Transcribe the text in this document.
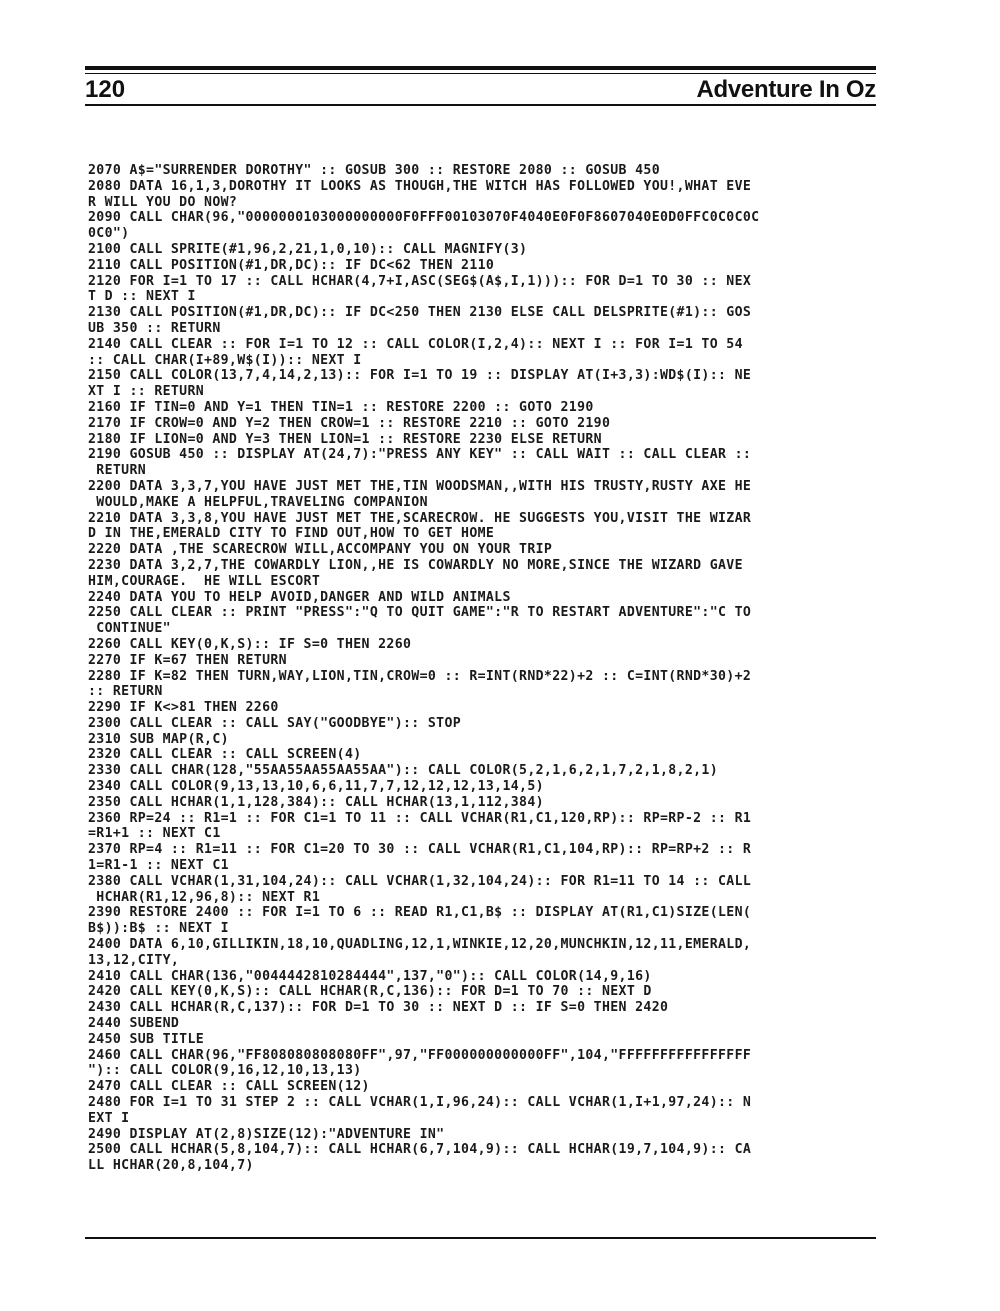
120	Adventure In Oz
2070 A$="SURRENDER DOROTHY" :: GOSUB 300 :: RESTORE 2080 :: GOSUB 450
2080 DATA 16,1,3,DOROTHY IT LOOKS AS THOUGH,THE WITCH HAS FOLLOWED YOU!,WHAT EVE
R WILL YOU DO NOW?
2090 CALL CHAR(96,"0000000103000000000F0FFF00103070F4040E0F0F8607040E0D0FFC0C0C0C
0C0")
2100 CALL SPRITE(#1,96,2,21,1,0,10):: CALL MAGNIFY(3)
2110 CALL POSITION(#1,DR,DC):: IF DC<62 THEN 2110
2120 FOR I=1 TO 17 :: CALL HCHAR(4,7+I,ASC(SEG$(A$,I,1))):: FOR D=1 TO 30 :: NEX
T D :: NEXT I
2130 CALL POSITION(#1,DR,DC):: IF DC<250 THEN 2130 ELSE CALL DELSPRITE(#1):: GOS
UB 350 :: RETURN
2140 CALL CLEAR :: FOR I=1 TO 12 :: CALL COLOR(I,2,4):: NEXT I :: FOR I=1 TO 54
:: CALL CHAR(I+89,W$(I)):: NEXT I
2150 CALL COLOR(13,7,4,14,2,13):: FOR I=1 TO 19 :: DISPLAY AT(I+3,3):WD$(I):: NE
XT I :: RETURN
2160 IF TIN=0 AND Y=1 THEN TIN=1 :: RESTORE 2200 :: GOTO 2190
2170 IF CROW=0 AND Y=2 THEN CROW=1 :: RESTORE 2210 :: GOTO 2190
2180 IF LION=0 AND Y=3 THEN LION=1 :: RESTORE 2230 ELSE RETURN
2190 GOSUB 450 :: DISPLAY AT(24,7):"PRESS ANY KEY" :: CALL WAIT :: CALL CLEAR ::
RETURN
2200 DATA 3,3,7,YOU HAVE JUST MET THE,TIN WOODSMAN,,WITH HIS TRUSTY,RUSTY AXE HE
WOULD,MAKE A HELPFUL,TRAVELING COMPANION
2210 DATA 3,3,8,YOU HAVE JUST MET THE,SCARECROW. HE SUGGESTS YOU,VISIT THE WIZAR
D IN THE,EMERALD CITY TO FIND OUT,HOW TO GET HOME
2220 DATA ,THE SCARECROW WILL,ACCOMPANY YOU ON YOUR TRIP
2230 DATA 3,2,7,THE COWARDLY LION,,HE IS COWARDLY NO MORE,SINCE THE WIZARD GAVE
HIM,COURAGE.  HE WILL ESCORT
2240 DATA YOU TO HELP AVOID,DANGER AND WILD ANIMALS
2250 CALL CLEAR :: PRINT "PRESS":"Q TO QUIT GAME":"R TO RESTART ADVENTURE":"C TO
CONTINUE"
2260 CALL KEY(0,K,S):: IF S=0 THEN 2260
2270 IF K=67 THEN RETURN
2280 IF K=82 THEN TURN,WAY,LION,TIN,CROW=0 :: R=INT(RND*22)+2 :: C=INT(RND*30)+2
:: RETURN
2290 IF K<>81 THEN 2260
2300 CALL CLEAR :: CALL SAY("GOODBYE"):: STOP
2310 SUB MAP(R,C)
2320 CALL CLEAR :: CALL SCREEN(4)
2330 CALL CHAR(128,"55AA55AA55AA55AA"):: CALL COLOR(5,2,1,6,2,1,7,2,1,8,2,1)
2340 CALL COLOR(9,13,13,10,6,6,11,7,7,12,12,12,13,14,5)
2350 CALL HCHAR(1,1,128,384):: CALL HCHAR(13,1,112,384)
2360 RP=24 :: R1=1 :: FOR C1=1 TO 11 :: CALL VCHAR(R1,C1,120,RP):: RP=RP-2 :: R1
=R1+1 :: NEXT C1
2370 RP=4 :: R1=11 :: FOR C1=20 TO 30 :: CALL VCHAR(R1,C1,104,RP):: RP=RP+2 :: R
1=R1-1 :: NEXT C1
2380 CALL VCHAR(1,31,104,24):: CALL VCHAR(1,32,104,24):: FOR R1=11 TO 14 :: CALL
HCHAR(R1,12,96,8):: NEXT R1
2390 RESTORE 2400 :: FOR I=1 TO 6 :: READ R1,C1,B$ :: DISPLAY AT(R1,C1)SIZE(LEN(
B$)):B$ :: NEXT I
2400 DATA 6,10,GILLIKIN,18,10,QUADLING,12,1,WINKIE,12,20,MUNCHKIN,12,11,EMERALD,
13,12,CITY,
2410 CALL CHAR(136,"0044442810284444",137,"0"):: CALL COLOR(14,9,16)
2420 CALL KEY(0,K,S):: CALL HCHAR(R,C,136):: FOR D=1 TO 70 :: NEXT D
2430 CALL HCHAR(R,C,137):: FOR D=1 TO 30 :: NEXT D :: IF S=0 THEN 2420
2440 SUBEND
2450 SUB TITLE
2460 CALL CHAR(96,"FF808080808080FF",97,"FF000000000000FF",104,"FFFFFFFFFFFFFFFF
"):: CALL COLOR(9,16,12,10,13,13)
2470 CALL CLEAR :: CALL SCREEN(12)
2480 FOR I=1 TO 31 STEP 2 :: CALL VCHAR(1,I,96,24):: CALL VCHAR(1,I+1,97,24):: N
EXT I
2490 DISPLAY AT(2,8)SIZE(12):"ADVENTURE IN"
2500 CALL HCHAR(5,8,104,7):: CALL HCHAR(6,7,104,9):: CALL HCHAR(19,7,104,9):: CA
LL HCHAR(20,8,104,7)
